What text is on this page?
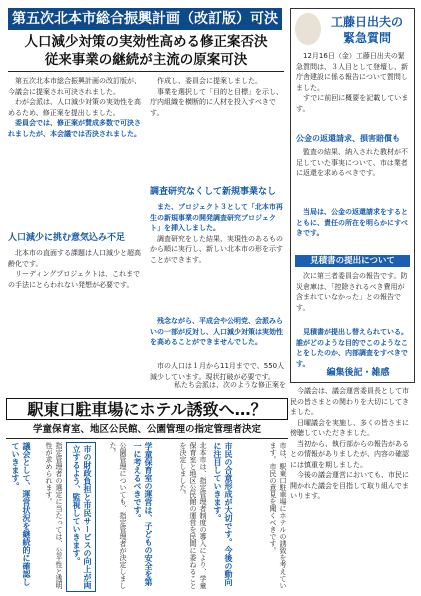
第五次北本市総合振興計画（改訂版）可決
人口減少対策の実効性高める修正案否決
従来事業の継続が主流の原案可決

第五次北本市総合振興計画の改訂版が、今議会に提案され可決されました。

わが会派は、人口減少対策の実効性を高めるため、修正案を提出しました。

委員会では、修正案が賛成多数で可決されましたが、本会議では否決されました。

人口減少に挑む意気込み不足

北本市の直面する課題は人口減少と超高齢化です。

リーディングプロジェクトは、これまでの手法にとらわれない発想が必要です。

作成し、委員会に提案しました。

事業を選択して「目的と目標」を示し、庁内組織を横断的に人材を投入すべきです。

調査研究なくして新規事業なし

また、プロジェクト３として「北本市再生の新規事業の開発調査研究プロジェクト」を挿入しました。

調査研究をした結果、実現性のあるものから順に実行し、新しい北本市の形を示すことができます。

残念ながら、平成会や公明党、会派みらいの一部が反対し、人口減少対策は実効性を高めることができませんでした。

市の人口は１月から11月までで、550人減少しています。現状打破が必要です。

私たち会派は、次のような修正案を

工藤日出夫の
緊急質問

12月16日（金）工藤日出夫の緊急質問は、３人目として登壇し、新庁舎建設に係る報告について質問しました。

すでに前回に概要を記載しています。

公金の返還請求、損害賠償も

監査の結果、納入された教材が不足していた事実について、市は業者に返還を求めるべきです。

当局は、公金の返還請求をするとともに、責任の所在を明らかにすべきです。

見積書の提出について

次に第三者委員会の報告です。防災倉庫は、「控除されるべき費用が含まれていなかった」との報告です。

見積書が提出し替えられている。誰がどのような目的でこのようなことをしたのか、内部調査をすべきです。

編集後記・雑感

今議会は、議会運営委員長として市民の皆さまとの関わりを大切にしてきました。

日曜議会を実施し、多くの皆さまに傍聴していただきました。

当初から、執行部からの報告があるとの情報がありましたが、内容の確認には慎重を期しました。

今後の議会運営においても、市民に開かれた議会を目指して取り組んでまいります。

駅東口駐車場にホテル誘致へ…？
学童保育室、地区公民館、公園管理の指定管理者決定
市は、駅東口駐車場にホテルの誘致を考えています。市民の意見を聞くべきです。
市民の合意形成が大切です。今後の動向に注目していきます。
北本市は、指定管理者制度の導入により、学童保育室と地区公民館の運営を民間に委ねることを決定しました。
学童保育室の運営は、子どもの安全を第一に考えるべきです。
公園管理についても、指定管理者が決定しました。
市の財政負担と市民サービスの向上が両立するよう、監視していきます。
指定管理者の選定に当たっては、公平性と透明性が求められます。
議会として、運営状況を継続的に確認していきます。
